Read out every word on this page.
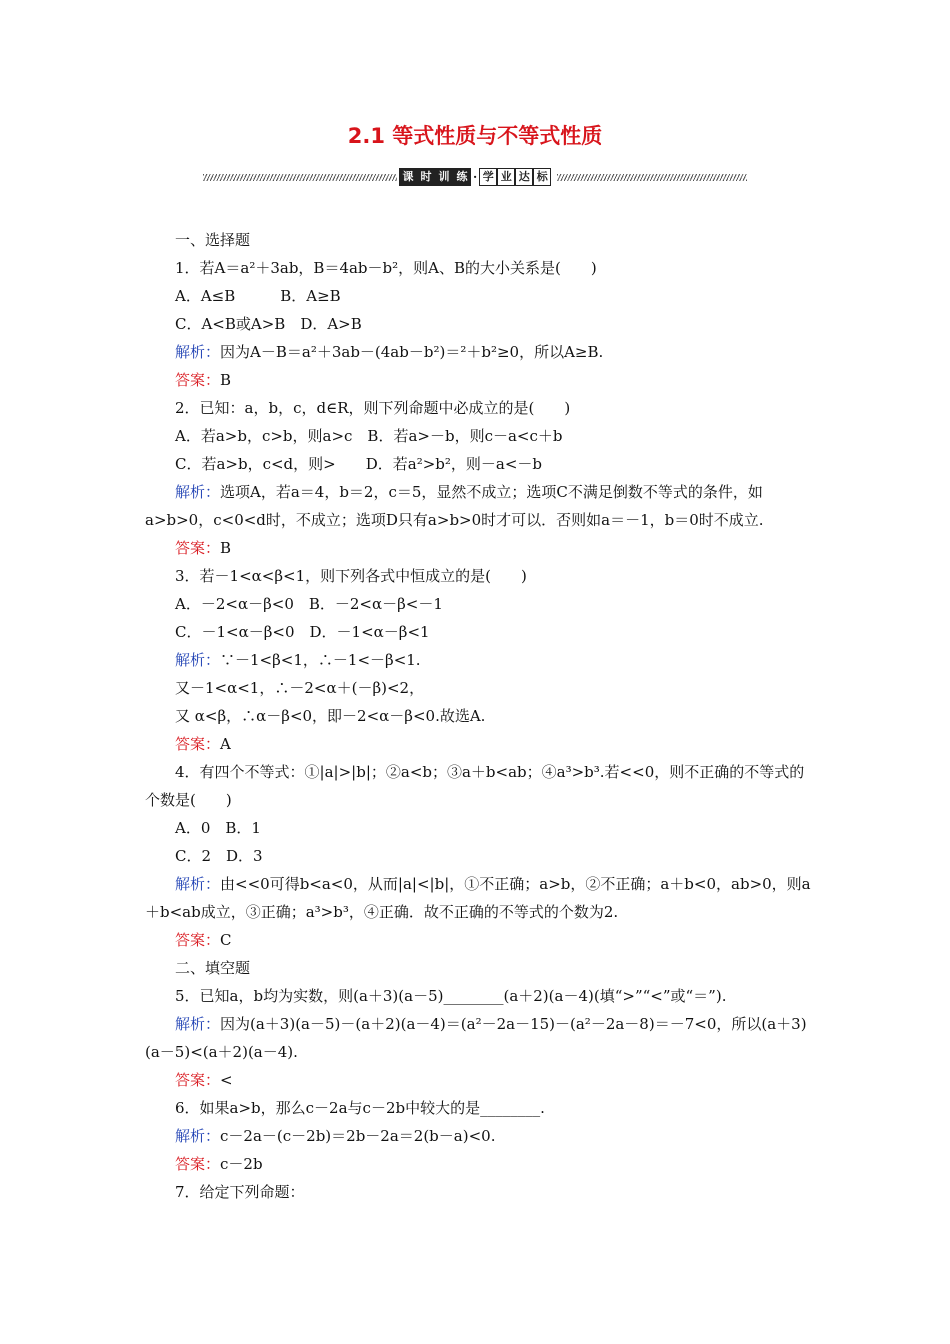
2.1 等式性质与不等式性质
课 时 训 练 · 学 业 达 标

一、选择题

1．若A＝a²＋3ab，B＝4ab－b²，则A、B的大小关系是(　　)

A．A≤B　　　B．A≥B

C．A<B或A>B　D．A>B

解析：因为A－B＝a²＋3ab－(4ab－b²)＝²＋b²≥0，所以A≥B.

答案：B

2．已知：a，b，c，d∈R，则下列命题中必成立的是(　　)

A．若a>b，c>b，则a>c　B．若a>－b，则c－a<c＋b

C．若a>b，c<d，则>　　D．若a²>b²，则－a<－b

解析：选项A，若a＝4，b＝2，c＝5，显然不成立；选项C不满足倒数不等式的条件，如a>b>0，c<0<d时，不成立；选项D只有a>b>0时才可以．否则如a＝－1，b＝0时不成立.

答案：B

3．若－1<α<β<1，则下列各式中恒成立的是(　　)

A．－2<α－β<0　B．－2<α－β<－1

C．－1<α－β<0　D．－1<α－β<1

解析：∵－1<β<1，∴－1<－β<1.

又－1<α<1，∴－2<α＋(－β)<2，

又 α<β，∴α－β<0，即－2<α－β<0.故选A.

答案：A

4．有四个不等式：①|a|>|b|；②a<b；③a＋b<ab；④a³>b³.若<<0，则不正确的不等式的个数是(　　)

A．0　B．1

C．2　D．3

解析：由<<0可得b<a<0，从而|a|<|b|，①不正确；a>b，②不正确；a＋b<0，ab>0，则a＋b<ab成立，③正确；a³>b³，④正确．故不正确的不等式的个数为2.

答案：C

二、填空题

5．已知a，b均为实数，则(a＋3)(a－5)________(a＋2)(a－4)(填“>”“<”或“＝”).

解析：因为(a＋3)(a－5)－(a＋2)(a－4)＝(a²－2a－15)－(a²－2a－8)＝－7<0，所以(a＋3)(a－5)<(a＋2)(a－4).

答案：<

6．如果a>b，那么c－2a与c－2b中较大的是________.

解析：c－2a－(c－2b)＝2b－2a＝2(b－a)<0.

答案：c－2b

7．给定下列命题：
